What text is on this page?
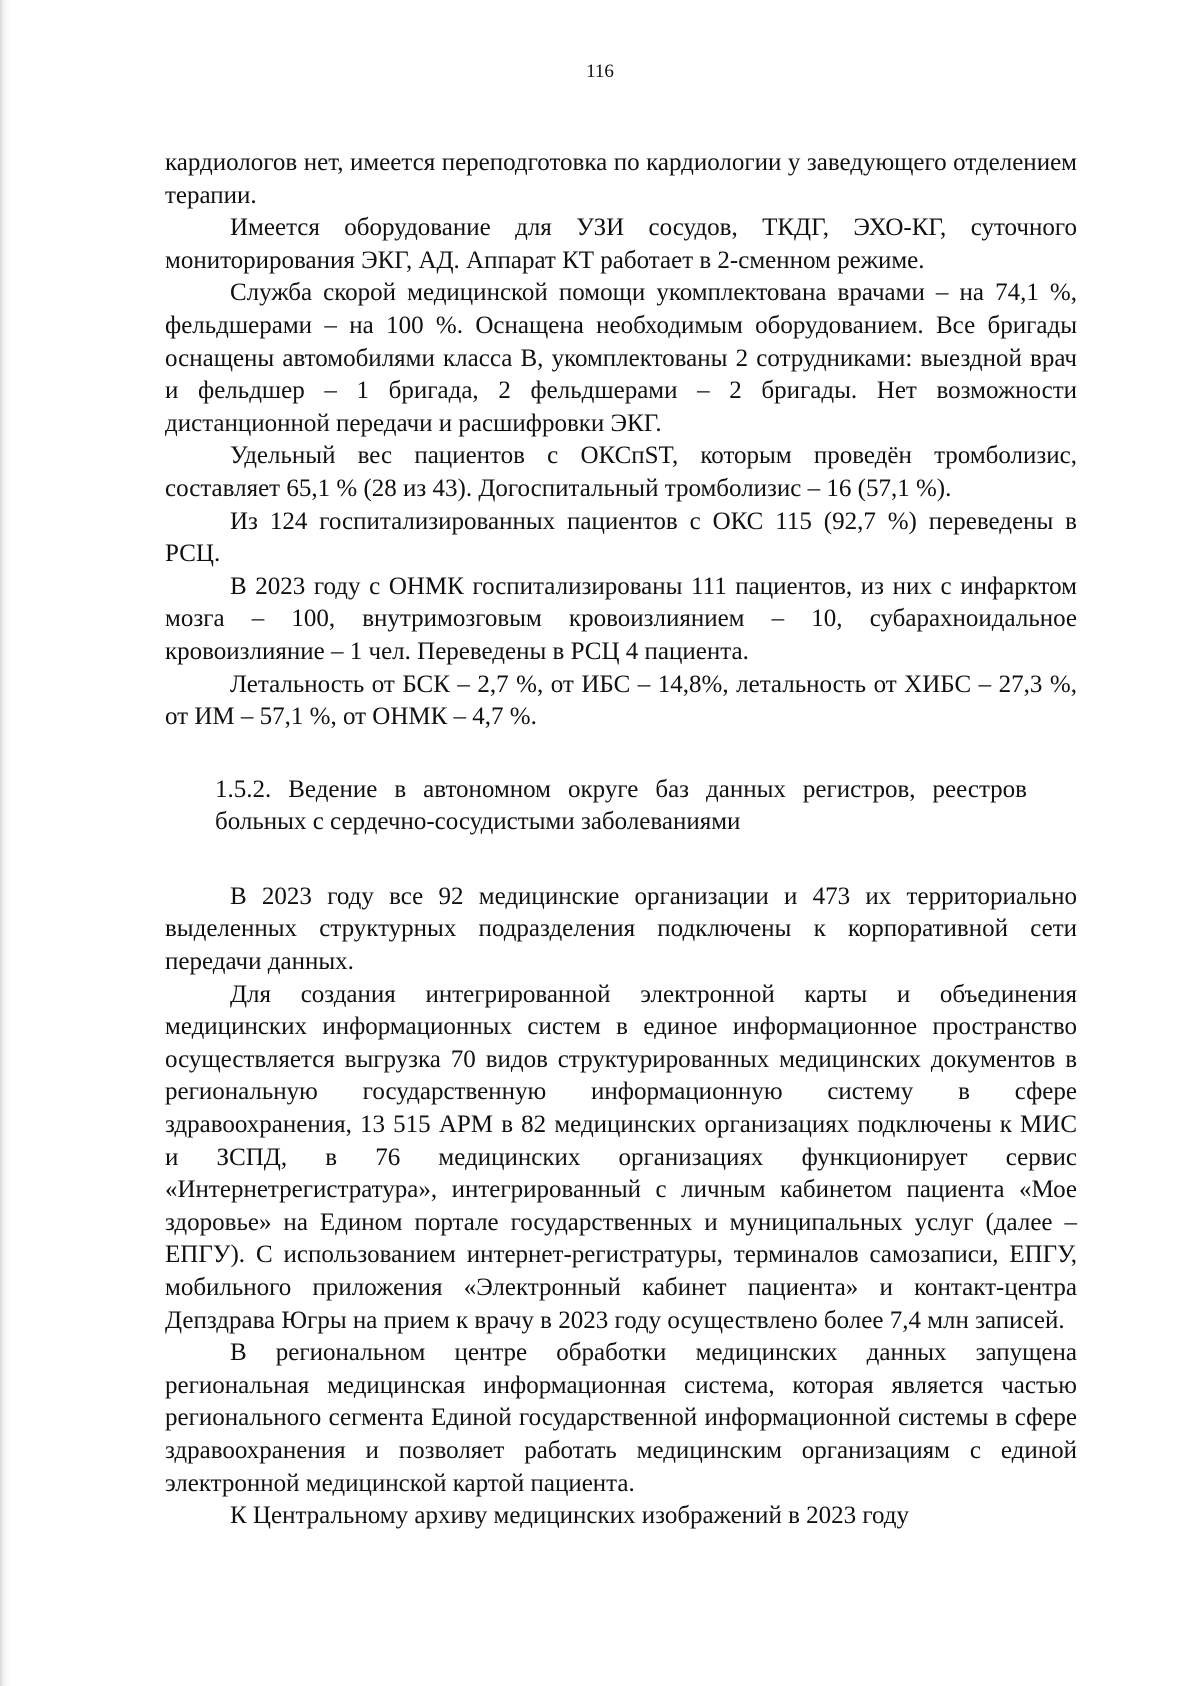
116

кардиологов нет, имеется переподготовка по кардиологии у заведующего отделением терапии.

Имеется оборудование для УЗИ сосудов, ТКДГ, ЭХО-КГ, суточного мониторирования ЭКГ, АД. Аппарат КТ работает в 2-сменном режиме.

Служба скорой медицинской помощи укомплектована врачами – на 74,1 %, фельдшерами – на 100 %. Оснащена необходимым оборудованием. Все бригады оснащены автомобилями класса В, укомплектованы 2 сотрудниками: выездной врач и фельдшер – 1 бригада, 2 фельдшерами – 2 бригады. Нет возможности дистанционной передачи и расшифровки ЭКГ.

Удельный вес пациентов с ОКСпST, которым проведён тромболизис, составляет 65,1 % (28 из 43). Догоспитальный тромболизис – 16 (57,1 %).

Из 124 госпитализированных пациентов с ОКС 115 (92,7 %) переведены в РСЦ.

В 2023 году с ОНМК госпитализированы 111 пациентов, из них с инфарктом мозга – 100, внутримозговым кровоизлиянием – 10, субарахноидальное кровоизлияние – 1 чел. Переведены в РСЦ 4 пациента.

Летальность от БСК – 2,7 %, от ИБС – 14,8%, летальность от ХИБС – 27,3 %, от ИМ – 57,1 %, от ОНМК – 4,7 %.

1.5.2. Ведение в автономном округе баз данных регистров, реестров больных с сердечно-сосудистыми заболеваниями

В 2023 году все 92 медицинские организации и 473 их территориально выделенных структурных подразделения подключены к корпоративной сети передачи данных.

Для создания интегрированной электронной карты и объединения медицинских информационных систем в единое информационное пространство осуществляется выгрузка 70 видов структурированных медицинских документов в региональную государственную информационную систему в сфере здравоохранения, 13 515 АРМ в 82 медицинских организациях подключены к МИС и ЗСПД, в 76 медицинских организациях функционирует сервис «Интернетрегистратура», интегрированный с личным кабинетом пациента «Мое здоровье» на Едином портале государственных и муниципальных услуг (далее – ЕПГУ). С использованием интернет-регистратуры, терминалов самозаписи, ЕПГУ, мобильного приложения «Электронный кабинет пациента» и контакт-центра Депздрава Югры на прием к врачу в 2023 году осуществлено более 7,4 млн записей.

В региональном центре обработки медицинских данных запущена региональная медицинская информационная система, которая является частью регионального сегмента Единой государственной информационной системы в сфере здравоохранения и позволяет работать медицинским организациям с единой электронной медицинской картой пациента.

К Центральному архиву медицинских изображений в 2023 году
